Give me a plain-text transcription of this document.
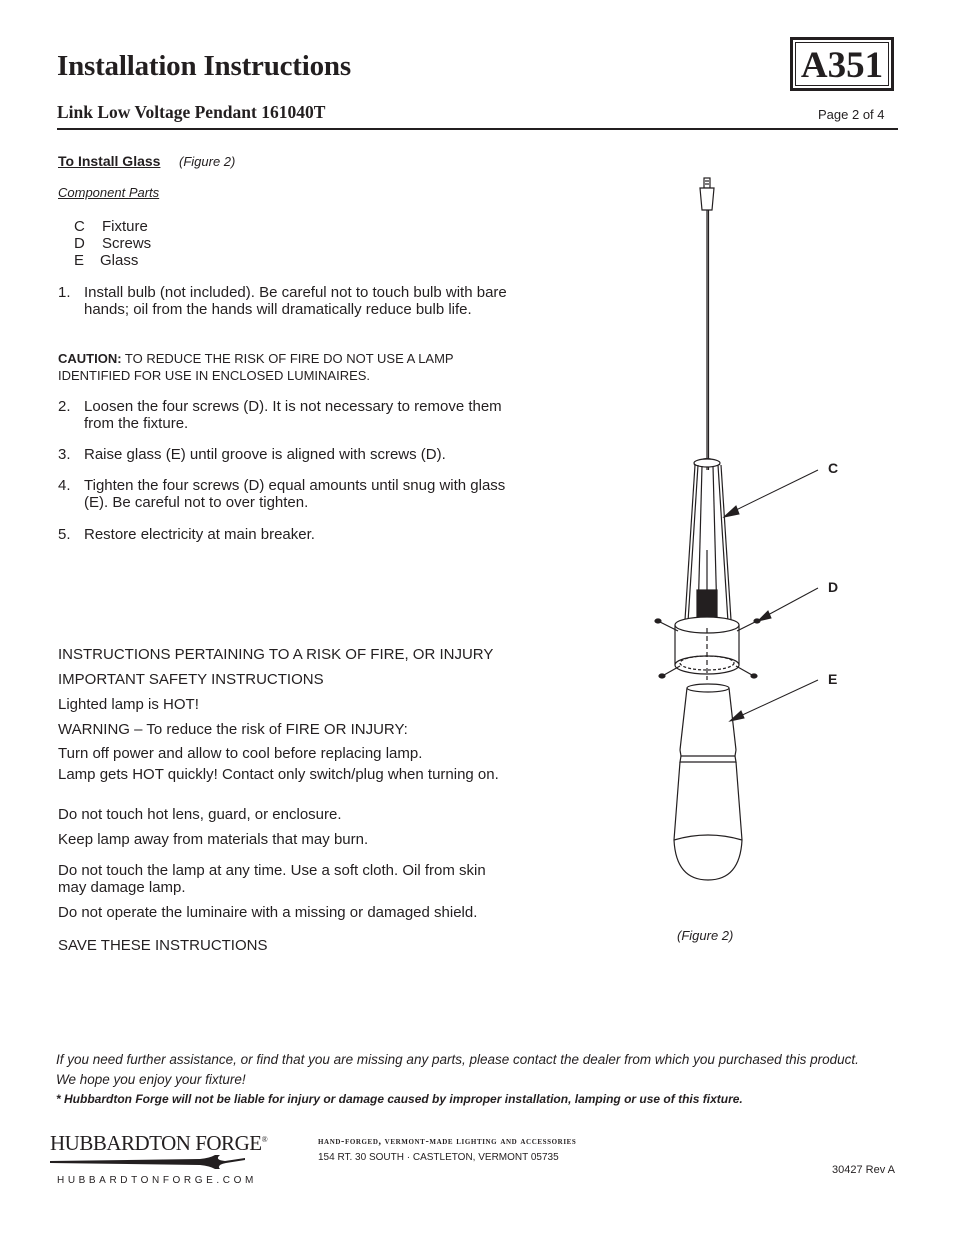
Installation Instructions
Link Low Voltage Pendant 161040T
A351
Page 2 of 4
To Install Glass (Figure 2)
Component Parts
C Fixture
D Screws
E Glass
1. Install bulb (not included). Be careful not to touch bulb with bare hands; oil from the hands will dramatically reduce bulb life.
CAUTION: TO REDUCE THE RISK OF FIRE DO NOT USE A LAMP IDENTIFIED FOR USE IN ENCLOSED LUMINAIRES.
2. Loosen the four screws (D). It is not necessary to remove them from the fixture.
3. Raise glass (E) until groove is aligned with screws (D).
4. Tighten the four screws (D) equal amounts until snug with glass (E). Be careful not to over tighten.
5. Restore electricity at main breaker.
INSTRUCTIONS PERTAINING TO A RISK OF FIRE, OR INJURY
IMPORTANT SAFETY INSTRUCTIONS
Lighted lamp is HOT!
WARNING – To reduce the risk of FIRE OR INJURY:
Turn off power and allow to cool before replacing lamp.
Lamp gets HOT quickly! Contact only switch/plug when turning on.
Do not touch hot lens, guard, or enclosure.
Keep lamp away from materials that may burn.
Do not touch the lamp at any time. Use a soft cloth. Oil from skin may damage lamp.
Do not operate the luminaire with a missing or damaged shield.
SAVE THESE INSTRUCTIONS
C
D
E
(Figure 2)
If you need further assistance, or find that you are missing any parts, please contact the dealer from which you purchased this product.
We hope you enjoy your fixture!
* Hubbardton Forge will not be liable for injury or damage caused by improper installation, lamping or use of this fixture.
HUBBARDTON FORGE®
HUBBARDTONFORGE.COM
hand-forged, vermont-made lighting and accessories
154 RT. 30 SOUTH · CASTLETON, VERMONT 05735
30427 Rev A
